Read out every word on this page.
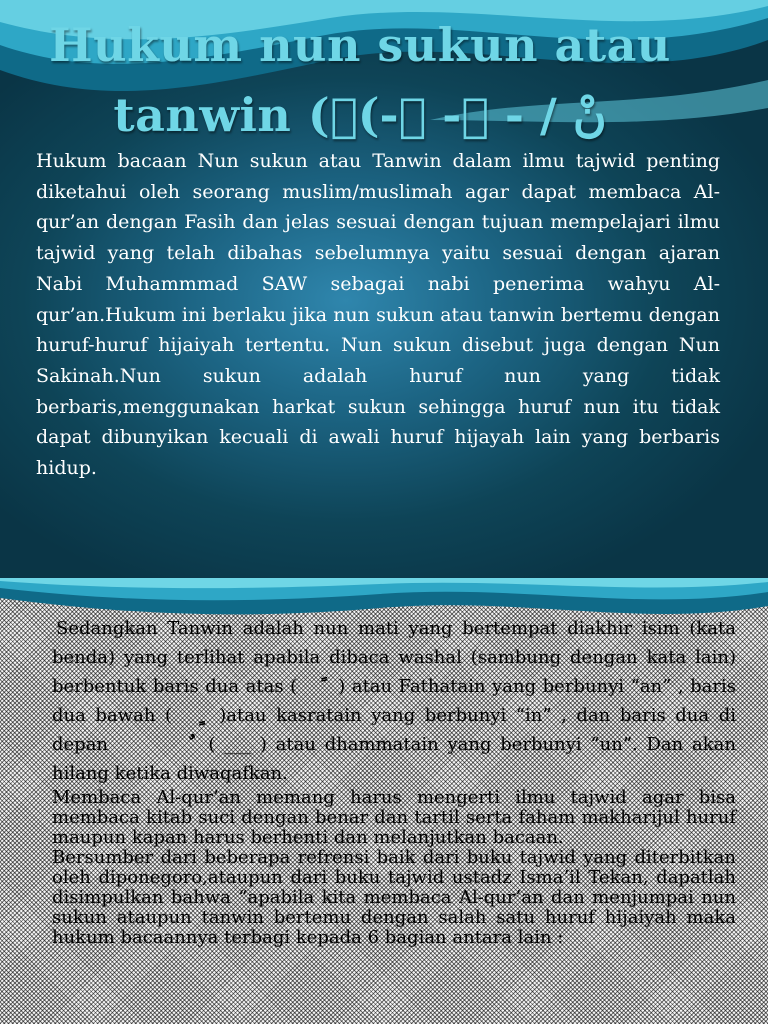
Hukum nun sukun atau
tanwin ((ٌ- ٍ- ً- / نْ

Hukum bacaan Nun sukun atau Tanwin dalam ilmu tajwid penting diketahui oleh seorang muslim/muslimah agar dapat membaca Al-qur’an dengan Fasih dan jelas sesuai dengan tujuan mempelajari ilmu tajwid yang telah dibahas sebelumnya yaitu sesuai dengan ajaran Nabi Muhammmad SAW sebagai nabi penerima wahyu Al-qur’an.Hukum ini berlaku jika nun sukun atau tanwin bertemu dengan huruf-huruf hijaiyah tertentu. Nun sukun disebut juga dengan Nun Sakinah.Nun sukun adalah huruf nun yang tidak berbaris,menggunakan harkat sukun sehingga huruf nun itu tidak dapat dibunyikan kecuali di awali huruf hijayah lain yang berbaris hidup.

Sedangkan Tanwin adalah nun mati yang bertempat diakhir isim (kata benda) yang terlihat apabila dibaca washal (sambung dengan kata lain) berbentuk baris dua atas ( ) atau Fathatain yang berbunyi “an” , baris dua bawah (	)atau kasratain yang berbunyi “in” , dan baris dua di depan	( ___ ) atau dhammatain yang berbunyi “un”. Dan akan hilang ketika diwaqafkan.

Membaca Al-qur’an memang harus mengerti ilmu tajwid agar bisa membaca kitab suci dengan benar dan tartil serta faham makharijul huruf maupun kapan harus berhenti dan melanjutkan bacaan.

Bersumber dari beberapa refrensi baik dari buku tajwid yang diterbitkan oleh diponegoro,ataupun dari buku tajwid ustadz Isma’il Tekan, dapatlah disimpulkan bahwa “apabila kita membaca Al-qur’an dan menjumpai nun sukun ataupun tanwin bertemu dengan salah satu huruf hijaiyah maka hukum bacaannya terbagi kepada 6 bagian antara lain :
